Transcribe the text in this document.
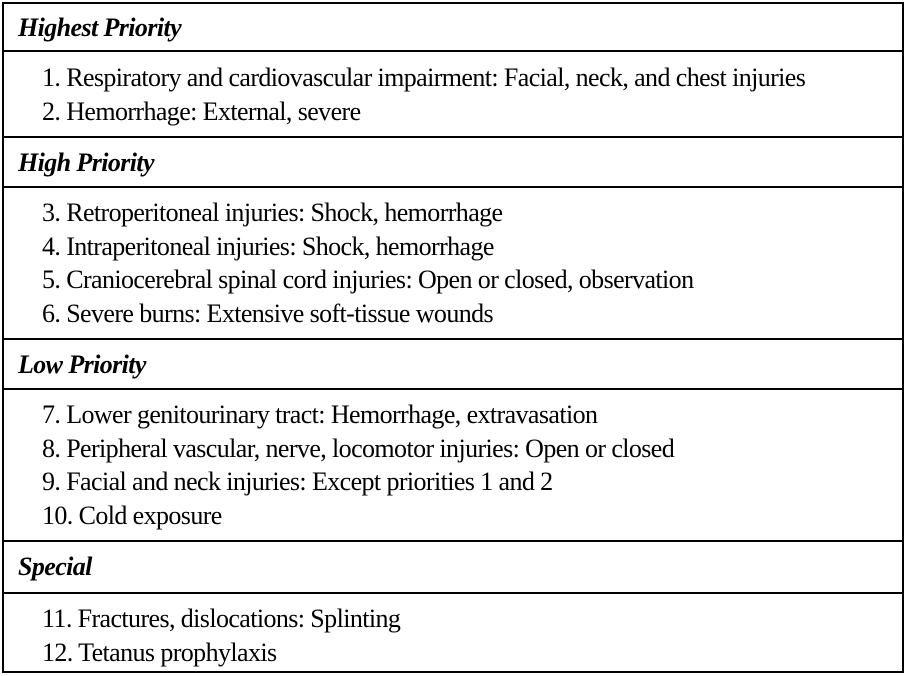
Highest Priority
1. Respiratory and cardiovascular impairment: Facial, neck, and chest injuries
2. Hemorrhage: External, severe
High Priority
3. Retroperitoneal injuries: Shock, hemorrhage
4. Intraperitoneal injuries: Shock, hemorrhage
5. Craniocerebral spinal cord injuries: Open or closed, observation
6. Severe burns: Extensive soft-tissue wounds
Low Priority
7. Lower genitourinary tract: Hemorrhage, extravasation
8. Peripheral vascular, nerve, locomotor injuries: Open or closed
9. Facial and neck injuries: Except priorities 1 and 2
10. Cold exposure
Special
11. Fractures, dislocations: Splinting
12. Tetanus prophylaxis
